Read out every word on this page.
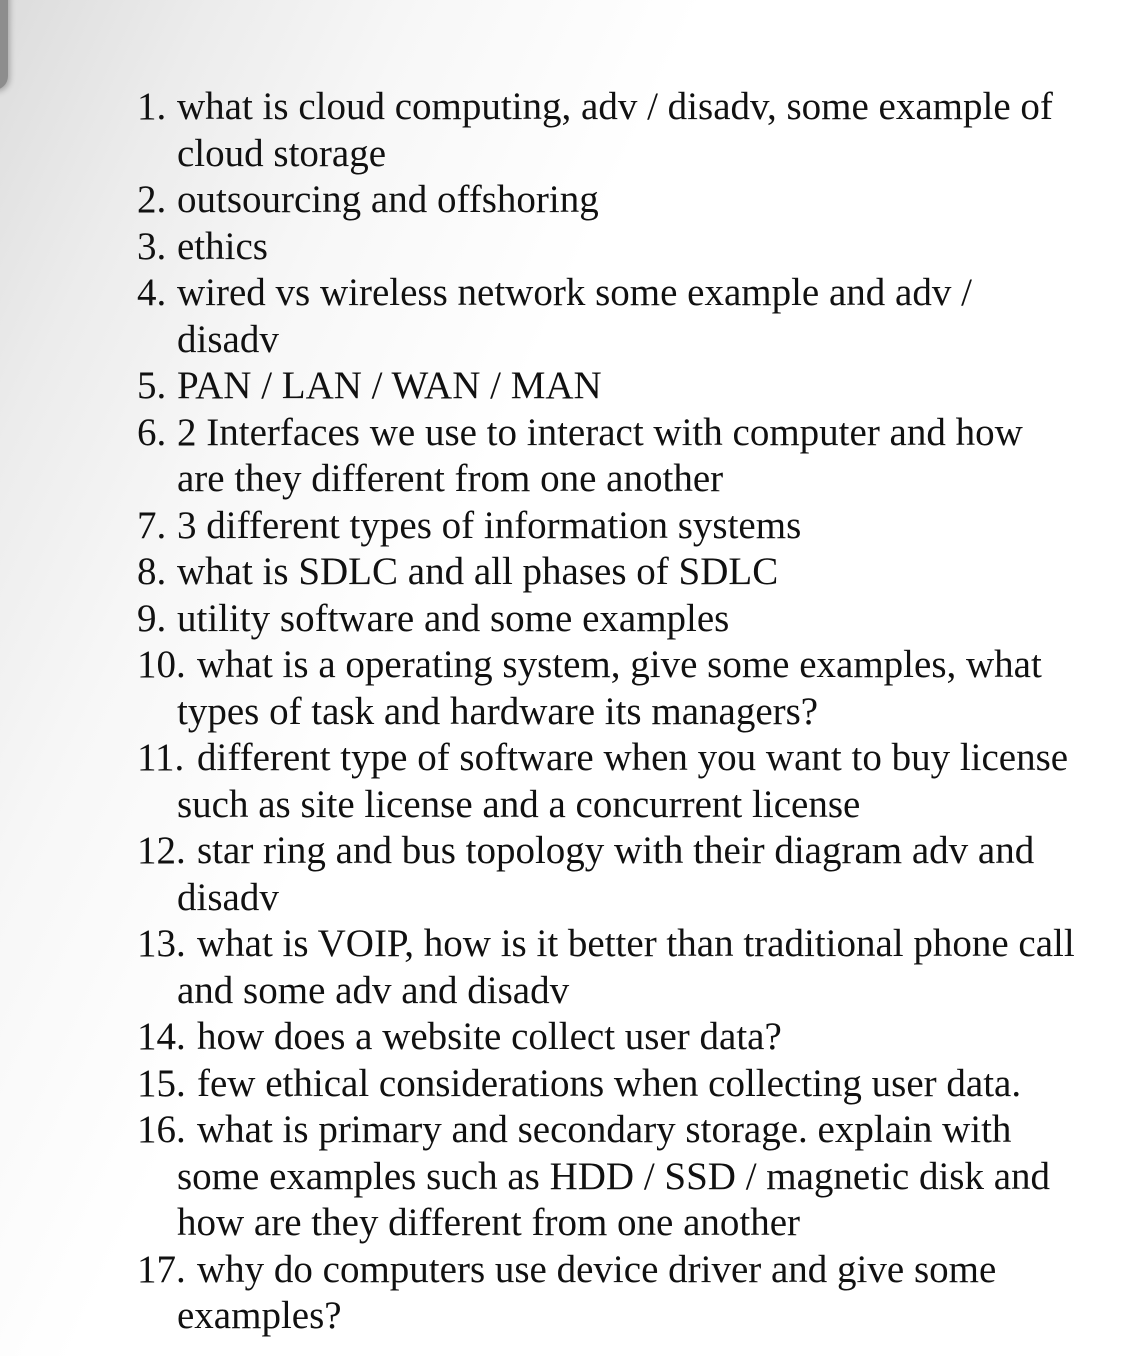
1. what is cloud computing, adv / disadv, some example of
cloud storage
2. outsourcing and offshoring
3. ethics
4. wired vs wireless network some example and adv /
disadv
5. PAN / LAN / WAN / MAN
6. 2 Interfaces we use to interact with computer and how
are they different from one another
7. 3 different types of information systems
8. what is SDLC and all phases of SDLC
9. utility software and some examples
10. what is a operating system, give some examples, what
types of task and hardware its managers?
11. different type of software when you want to buy license
such as site license and a concurrent license
12. star ring and bus topology with their diagram adv and
disadv
13. what is VOIP, how is it better than traditional phone call
and some adv and disadv
14. how does a website collect user data?
15. few ethical considerations when collecting user data.
16. what is primary and secondary storage. explain with
some examples such as HDD / SSD / magnetic disk and
how are they different from one another
17. why do computers use device driver and give some
examples?
